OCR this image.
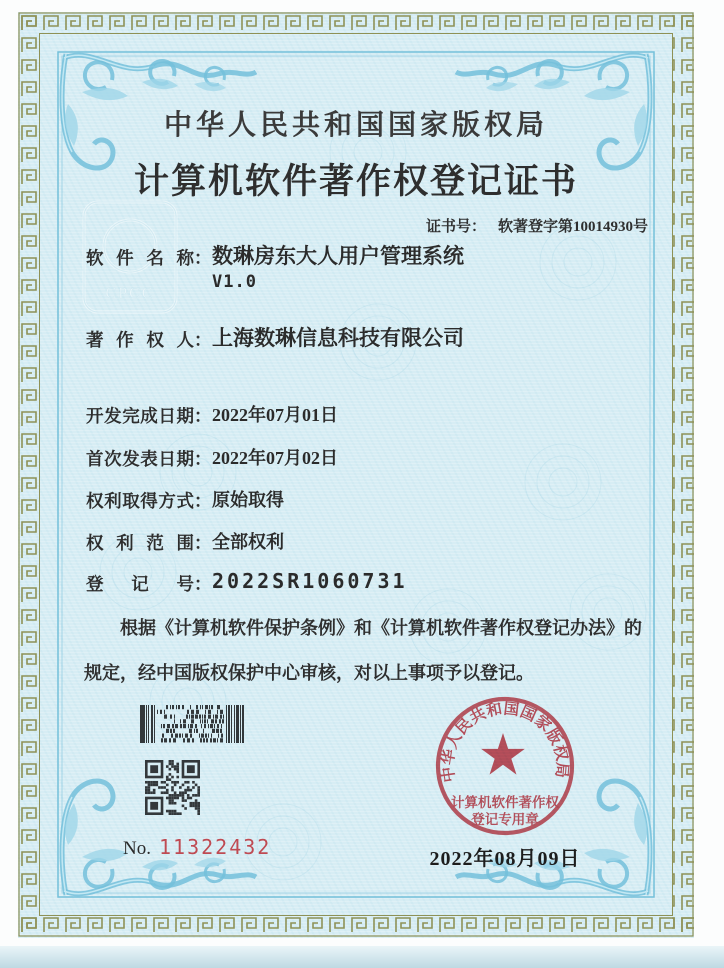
CPCC
中华人民共和国国家版权局
计算机软件著作权登记证书
证书号： 软著登字第10014930号
软件名称： 数琳房东大人用户管理系统
V1.0
著作权人： 上海数琳信息科技有限公司
开发完成日期： 2022年07月01日
首次发表日期： 2022年07月02日
权利取得方式： 原始取得
权利范围： 全部权利
登记号： 2022SR1060731
根据《计算机软件保护条例》和《计算机软件著作权登记办法》的
规定，经中国版权保护中心审核，对以上事项予以登记。
No. 11322432
中华人民共和国国家版权局
计算机软件著作权
登记专用章
2022年08月09日
